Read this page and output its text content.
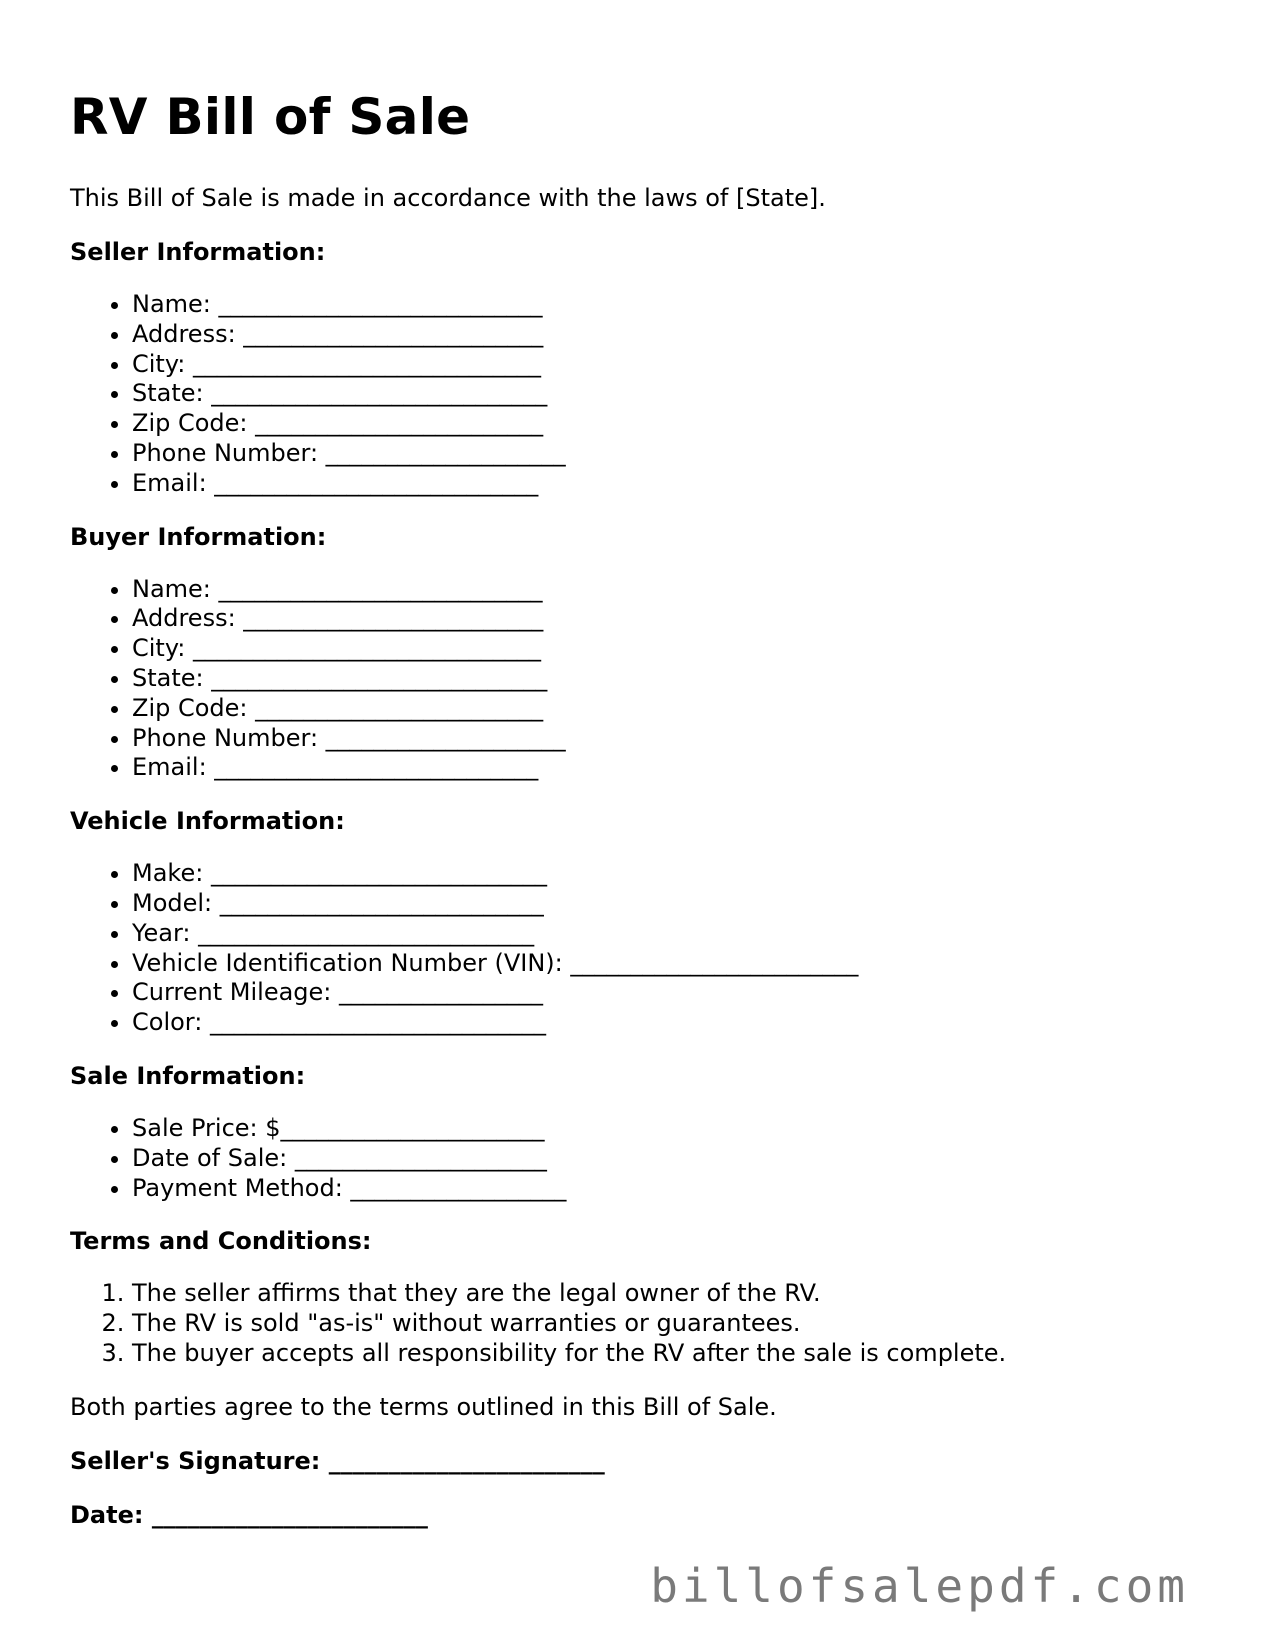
RV Bill of Sale

This Bill of Sale is made in accordance with the laws of [State].

Seller Information:
• Name: ___________________________
• Address: _________________________
• City: _____________________________
• State: ____________________________
• Zip Code: ________________________
• Phone Number: ____________________
• Email: ___________________________
Buyer Information:
• Name: ___________________________
• Address: _________________________
• City: _____________________________
• State: ____________________________
• Zip Code: ________________________
• Phone Number: ____________________
• Email: ___________________________
Vehicle Information:
• Make: ____________________________
• Model: ___________________________
• Year: ____________________________
• Vehicle Identification Number (VIN): ________________________
• Current Mileage: _________________
• Color: ____________________________
Sale Information:
• Sale Price: $______________________
• Date of Sale: _____________________
• Payment Method: __________________
Terms and Conditions:
1. The seller affirms that they are the legal owner of the RV.
2. The RV is sold "as-is" without warranties or guarantees.
3. The buyer accepts all responsibility for the RV after the sale is complete.

Both parties agree to the terms outlined in this Bill of Sale.

Seller's Signature: _______________________
Date: _______________________
billofsalepdf.com
